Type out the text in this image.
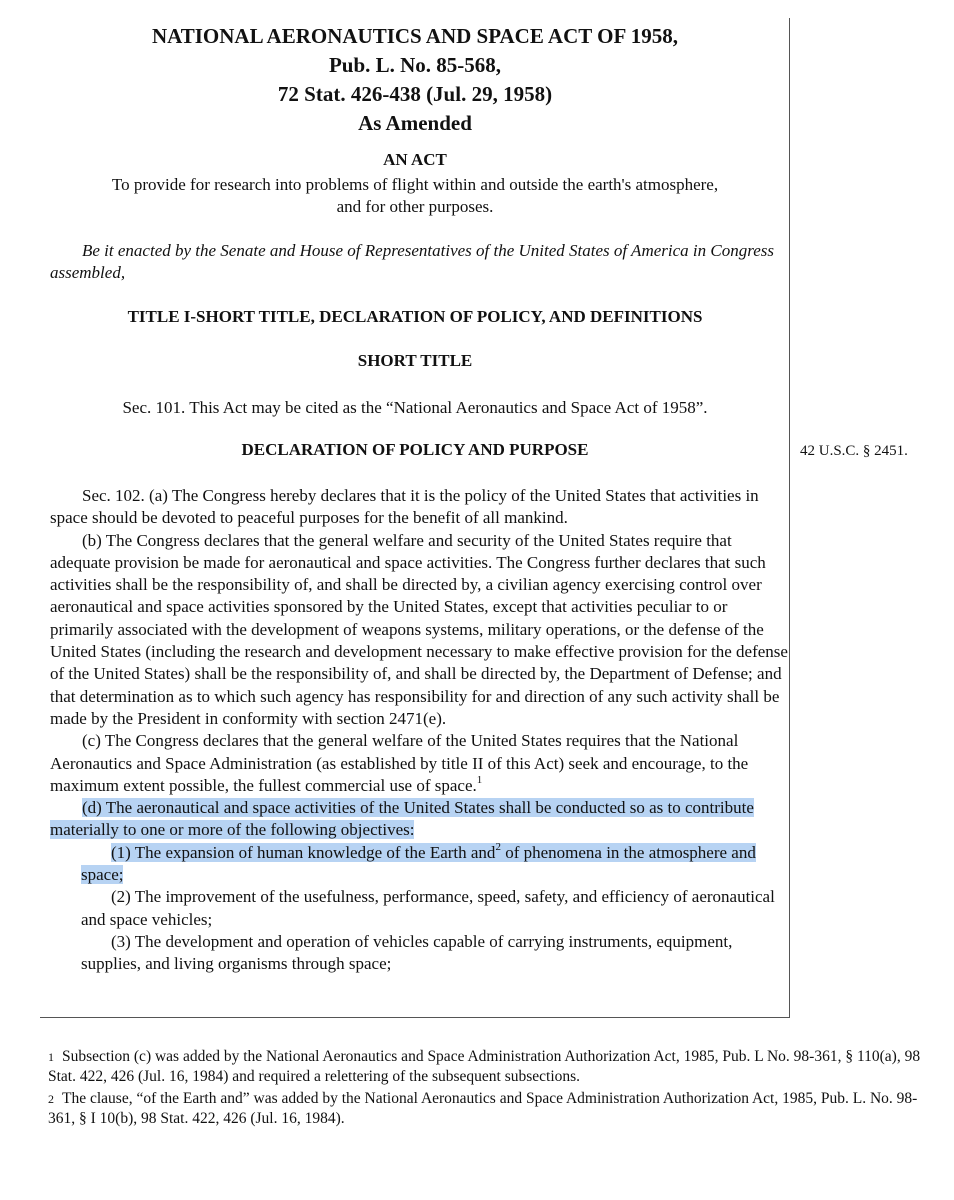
NATIONAL AERONAUTICS AND SPACE ACT OF 1958,
Pub. L. No. 85-568,
72 Stat. 426-438 (Jul. 29, 1958)
As Amended
AN ACT
To provide for research into problems of flight within and outside the earth's atmosphere,
and for other purposes.
Be it enacted by the Senate and House of Representatives of the United States of America in Congress assembled,
TITLE I-SHORT TITLE, DECLARATION OF POLICY, AND DEFINITIONS
SHORT TITLE
Sec. 101. This Act may be cited as the “National Aeronautics and Space Act of 1958”.
DECLARATION OF POLICY AND PURPOSE	42 U.S.C. § 2451.

Sec. 102. (a) The Congress hereby declares that it is the policy of the United States that activities in space should be devoted to peaceful purposes for the benefit of all mankind.

(b) The Congress declares that the general welfare and security of the United States require that adequate provision be made for aeronautical and space activities. The Congress further declares that such activities shall be the responsibility of, and shall be directed by, a civilian agency exercising control over aeronautical and space activities sponsored by the United States, except that activities peculiar to or primarily associated with the development of weapons systems, military operations, or the defense of the United States (including the research and development necessary to make effective provision for the defense of the United States) shall be the responsibility of, and shall be directed by, the Department of Defense; and that determination as to which such agency has responsibility for and direction of any such activity shall be made by the President in conformity with section 2471(e).

(c) The Congress declares that the general welfare of the United States requires that the National Aeronautics and Space Administration (as established by title II of this Act) seek and encourage, to the maximum extent possible, the fullest commercial use of space.$^1$

(d) The aeronautical and space activities of the United States shall be conducted so as to contribute materially to one or more of the following objectives:

(1) The expansion of human knowledge of the Earth and$^2$ of phenomena in the atmosphere and space;

(2) The improvement of the usefulness, performance, speed, safety, and efficiency of aeronautical and space vehicles;

(3) The development and operation of vehicles capable of carrying instruments, equipment, supplies, and living organisms through space;

$^1$ Subsection (c) was added by the National Aeronautics and Space Administration Authorization Act, 1985, Pub. L No. 98-361, § 110(a), 98 Stat. 422, 426 (Jul. 16, 1984) and required a relettering of the subsequent subsections.

$^2$ The clause, “of the Earth and” was added by the National Aeronautics and Space Administration Authorization Act, 1985, Pub. L. No. 98-361, § I 10(b), 98 Stat. 422, 426 (Jul. 16, 1984).
